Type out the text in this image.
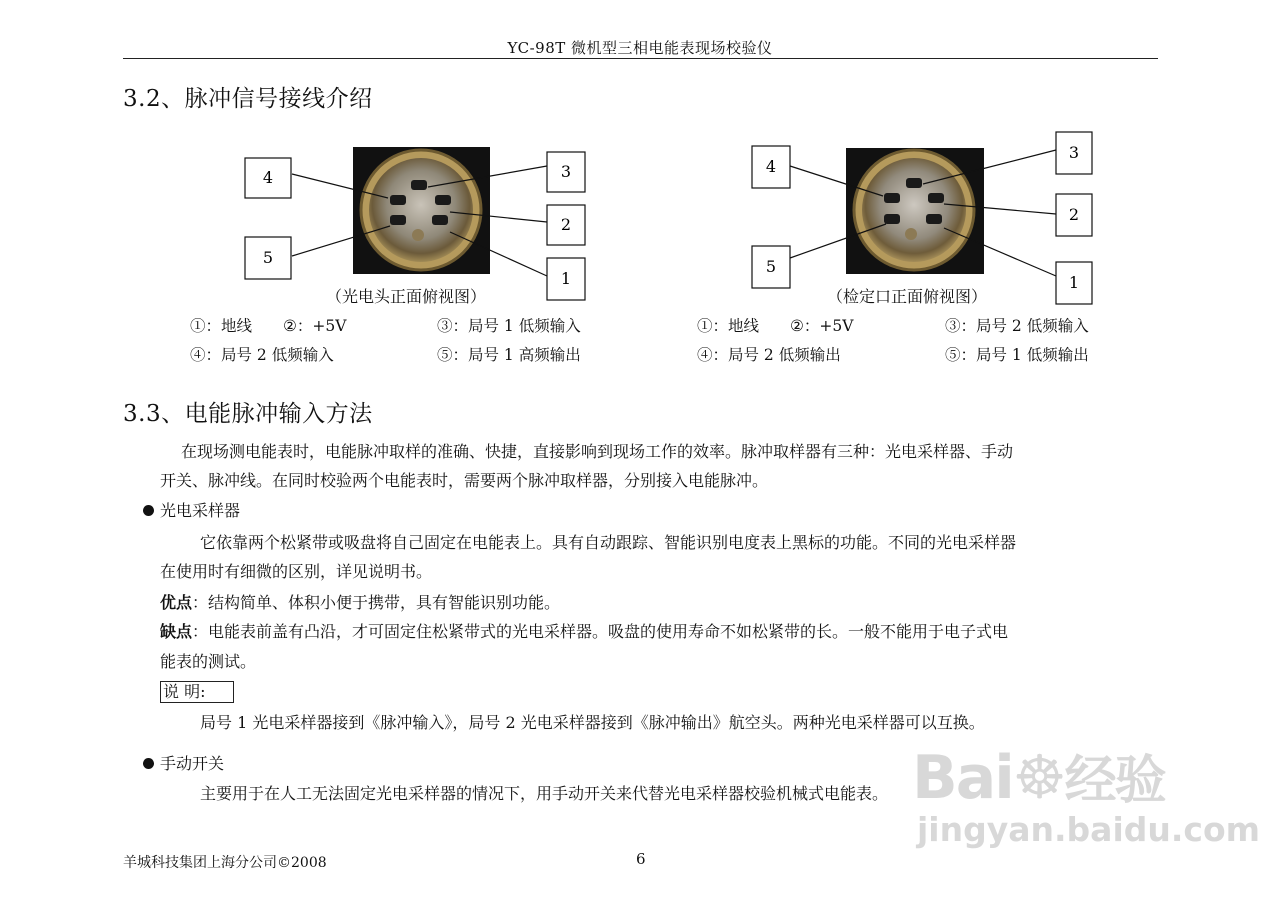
YC-98T 微机型三相电能表现场校验仪
3.2、脉冲信号接线介绍
4
5
3
2
1
（光电头正面俯视图）
4
5
3
2
1
（检定口正面俯视图）
①：地线 ②：+5V	③：局号 1 低频输入
④：局号 2 低频输入	⑤：局号 1 高频输出
①：地线 ②：+5V	③：局号 2 低频输入
④：局号 2 低频输出	⑤：局号 1 低频输出
3.3、电能脉冲输入方法
在现场测电能表时，电能脉冲取样的准确、快捷，直接影响到现场工作的效率。脉冲取样器有三种：光电采样器、手动
开关、脉冲线。在同时校验两个电能表时，需要两个脉冲取样器，分别接入电能脉冲。
光电采样器
它依靠两个松紧带或吸盘将自己固定在电能表上。具有自动跟踪、智能识别电度表上黑标的功能。不同的光电采样器
在使用时有细微的区别，详见说明书。
优点：结构简单、体积小便于携带，具有智能识别功能。
缺点：电能表前盖有凸沿，才可固定住松紧带式的光电采样器。吸盘的使用寿命不如松紧带的长。一般不能用于电子式电
能表的测试。
说 明:
局号 1 光电采样器接到《脉冲输入》，局号 2 光电采样器接到《脉冲输出》航空头。两种光电采样器可以互换。
手动开关
主要用于在人工无法固定光电采样器的情况下，用手动开关来代替光电采样器校验机械式电能表。 Bai☸经验
jingyan.baidu.com
羊城科技集团上海分公司©2008	6
